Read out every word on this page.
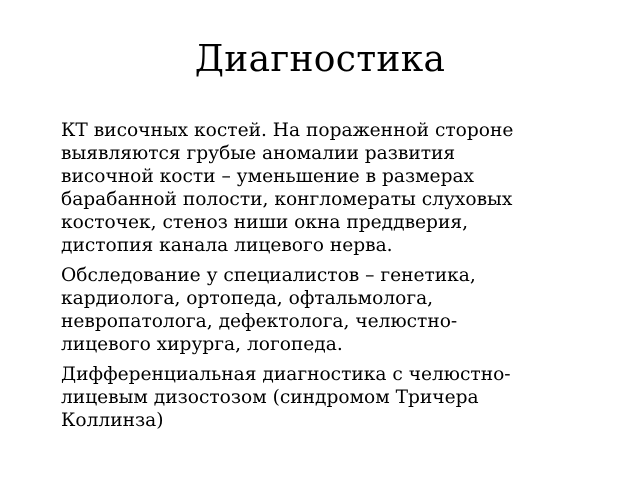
Диагностика
КТ височных костей. На пораженной стороне
выявляются грубые аномалии развития
височной кости – уменьшение в размерах
барабанной полости, конгломераты слуховых
косточек, стеноз ниши окна преддверия,
дистопия канала лицевого нерва.
Обследование у специалистов – генетика,
кардиолога, ортопеда, офтальмолога,
невропатолога, дефектолога, челюстно-
лицевого хирурга, логопеда.
Дифференциальная диагностика с челюстно-
лицевым дизостозом (синдромом Тричера
Коллинза)
